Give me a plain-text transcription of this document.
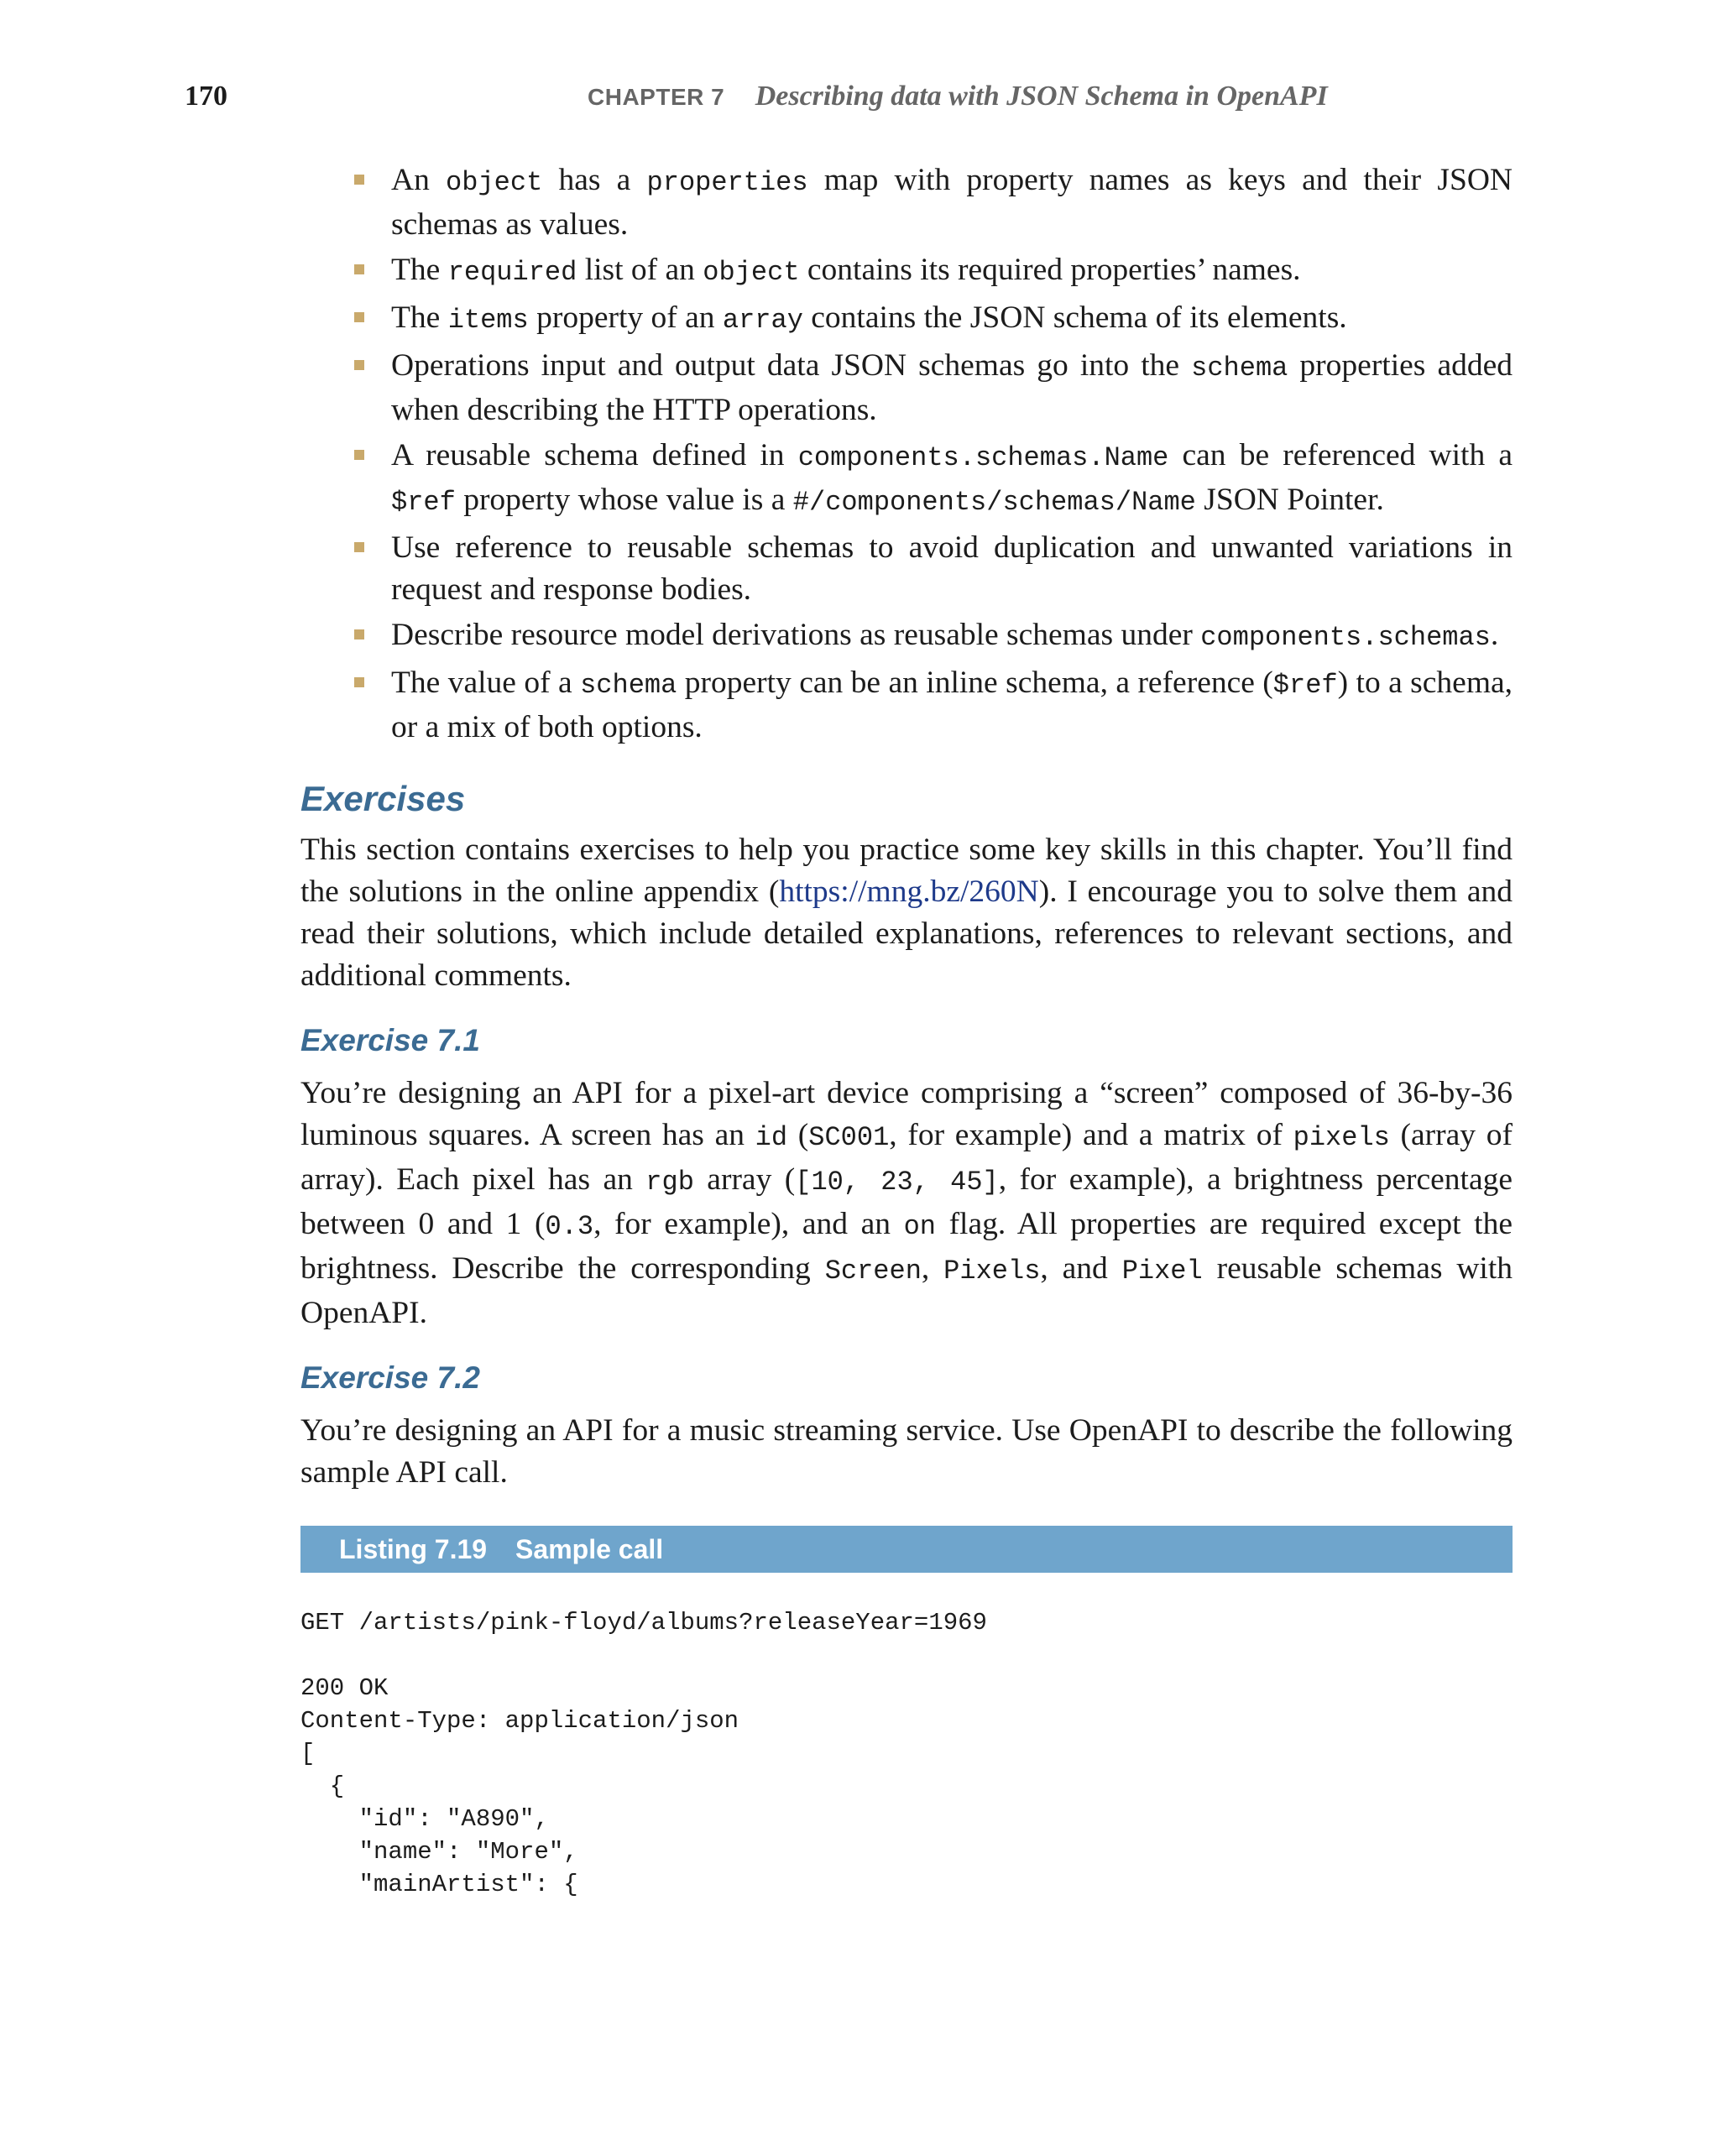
170	CHAPTER 7 Describing data with JSON Schema in OpenAPI
An object has a properties map with property names as keys and their JSON schemas as values.
The required list of an object contains its required properties’ names.
The items property of an array contains the JSON schema of its elements.
Operations input and output data JSON schemas go into the schema properties added when describing the HTTP operations.
A reusable schema defined in components.schemas.Name can be referenced with a $ref property whose value is a #/components/schemas/Name JSON Pointer.
Use reference to reusable schemas to avoid duplication and unwanted variations in request and response bodies.
Describe resource model derivations as reusable schemas under components.schemas.
The value of a schema property can be an inline schema, a reference ($ref) to a schema, or a mix of both options.
Exercises

This section contains exercises to help you practice some key skills in this chapter. You’ll find the solutions in the online appendix (https://mng.bz/260N). I encourage you to solve them and read their solutions, which include detailed explanations, references to relevant sections, and additional comments.

Exercise 7.1

You’re designing an API for a pixel-art device comprising a “screen” composed of 36-by-36 luminous squares. A screen has an id (SC001, for example) and a matrix of pixels (array of array). Each pixel has an rgb array ([10, 23, 45], for example), a brightness percentage between 0 and 1 (0.3, for example), and an on flag. All properties are required except the brightness. Describe the corresponding Screen, Pixels, and Pixel reusable schemas with OpenAPI.

Exercise 7.2

You’re designing an API for a music streaming service. Use OpenAPI to describe the following sample API call.

Listing 7.19 Sample call
GET /artists/pink-floyd/albums?releaseYear=1969

200 OK
Content-Type: application/json
[
{
"id": "A890",
"name": "More",
"mainArtist": {
